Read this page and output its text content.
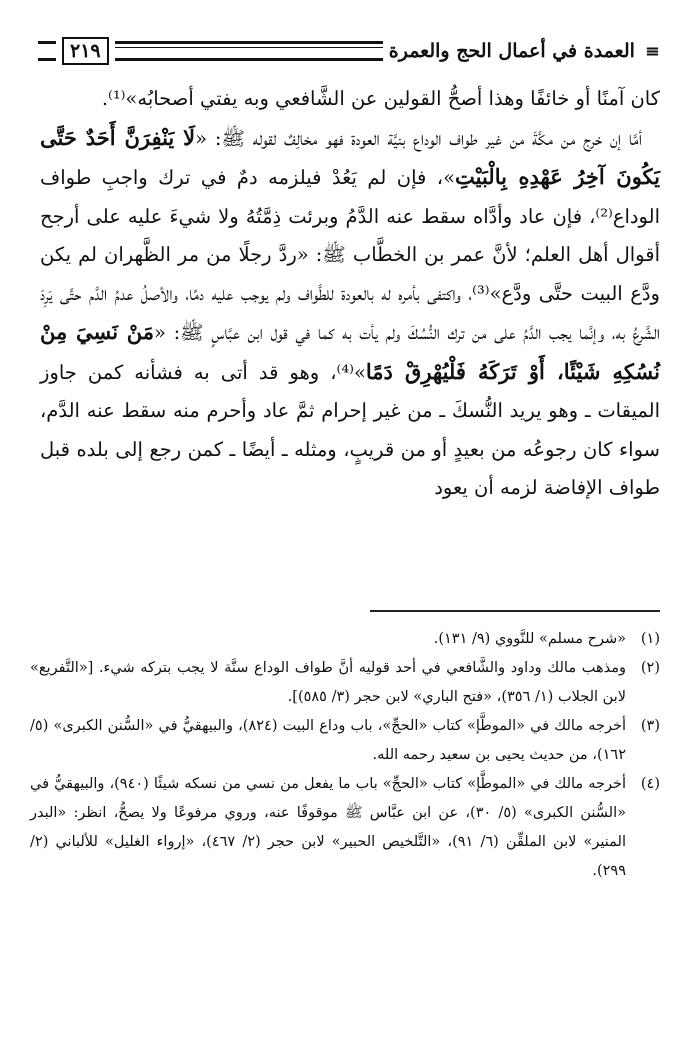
≡
العمدة في أعمال الحج والعمرة
٢١٩

كان آمنًا أو خائفًا وهذا أصحُّ القولين عن الشَّافعي وبه يفتي أصحابُه»⁽¹⁾.

أمَّا إن خرج من مكَّةَ من غير طواف الوداع بنيَّة العودة فهو مخالِفٌ لقوله ﷺ: «لَا يَنْفِرَنَّ أَحَدٌ حَتَّى يَكُونَ آخِرُ عَهْدِهِ بِالْبَيْتِ»، فإن لم يَعُدْ فيلزمه دمٌ في ترك واجبِ طواف الوداع⁽²⁾، فإن عاد وأدَّاه سقط عنه الدَّمُ وبرئت ذِمَّتُهُ ولا شيءَ عليه على أرجح أقوال أهل العلم؛ لأنَّ عمر بن الخطَّاب ﷺ: «ردَّ رجلًا من مر الظَّهران لم يكن ودَّع البيت حتَّى ودَّع»⁽³⁾، واكتفى بأمره له بالعودة للطَّواف ولم يوجب عليه دمًا، والأصلُ عدمُ الدَّم حتَّى يَرِدَ الشَّرعُ به، وإنَّما يجب الدَّمُ على من ترك النُّسُكَ ولم يأت به كما في قول ابن عبَّاسٍ ﷺ: «مَنْ نَسِيَ مِنْ نُسُكِهِ شَيْئًا، أَوْ تَرَكَهُ فَلْيُهْرِقْ دَمًا»⁽⁴⁾، وهو قد أتى به فشأنه كمن جاوز الميقات ـ وهو يريد النُّسكَ ـ من غير إحرام ثمَّ عاد وأحرم منه سقط عنه الدَّم، سواء كان رجوعُه من بعيدٍ أو من قريبٍ، ومثله ـ أيضًا ـ كمن رجع إلى بلده قبل طواف الإفاضة لزمه أن يعود

(١)
«شرح مسلم» للنَّووي (٩/ ١٣١).
(٢)
ومذهب مالك وداود والشَّافعي في أحد قوليه أنَّ طواف الوداع سنَّة لا يجب بتركه شيء. [«التَّفريع» لابن الجلاب (١/ ٣٥٦)، «فتح الباري» لابن حجر (٣/ ٥٨٥)].
(٣)
أخرجه مالك في «الموطَّإ» كتاب «الحجِّ»، باب وداع البيت (٨٢٤)، والبيهقيُّ في «السُّنن الكبرى» (٥/ ١٦٢)، من حديث يحيى بن سعيد رحمه الله.
(٤)
أخرجه مالك في «الموطَّإ» كتاب «الحجِّ» باب ما يفعل من نسي من نسكه شيئًا (٩٤٠)، والبيهقيُّ في «السُّنن الكبرى» (٥/ ٣٠)، عن ابن عبَّاس ﷺ موقوفًا عنه، وروي مرفوعًا ولا يصحُّ، انظر: «البدر المنير» لابن الملقِّن (٦/ ٩١)، «التَّلخيص الحبير» لابن حجر (٢/ ٤٦٧)، «إرواء الغليل» للألباني (٢/ ٢٩٩).
